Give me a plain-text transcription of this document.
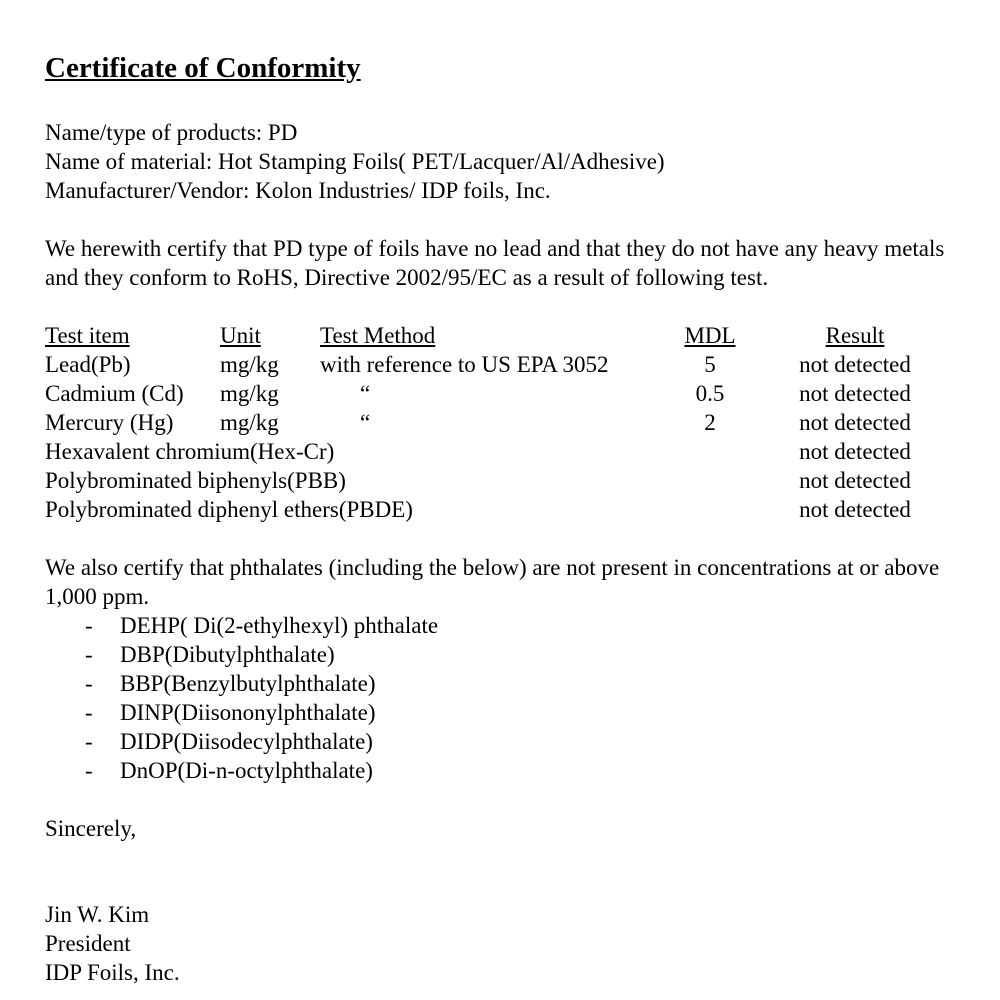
Certificate of Conformity
Name/type of products: PD
Name of material: Hot Stamping Foils( PET/Lacquer/Al/Adhesive)
Manufacturer/Vendor: Kolon Industries/ IDP foils, Inc.
We herewith certify that PD type of foils have no lead and that they do not have any heavy metals and they conform to RoHS, Directive 2002/95/EC as a result of following test.
Test item	Unit	Test Method	MDL	Result
Lead(Pb)	mg/kg	with reference to US EPA 3052	5	not detected
Cadmium (Cd)	mg/kg	“	0.5	not detected
Mercury (Hg)	mg/kg	“	2	not detected
Hexavalent chromium(Hex-Cr)				not detected
Polybrominated biphenyls(PBB)				not detected
Polybrominated diphenyl ethers(PBDE)				not detected
We also certify that phthalates (including the below) are not present in concentrations at or above 1,000 ppm.
- DEHP( Di(2-ethylhexyl) phthalate
- DBP(Dibutylphthalate)
- BBP(Benzylbutylphthalate)
- DINP(Diisononylphthalate)
- DIDP(Diisodecylphthalate)
- DnOP(Di-n-octylphthalate)
Sincerely,
Jin W. Kim
President
IDP Foils, Inc.
